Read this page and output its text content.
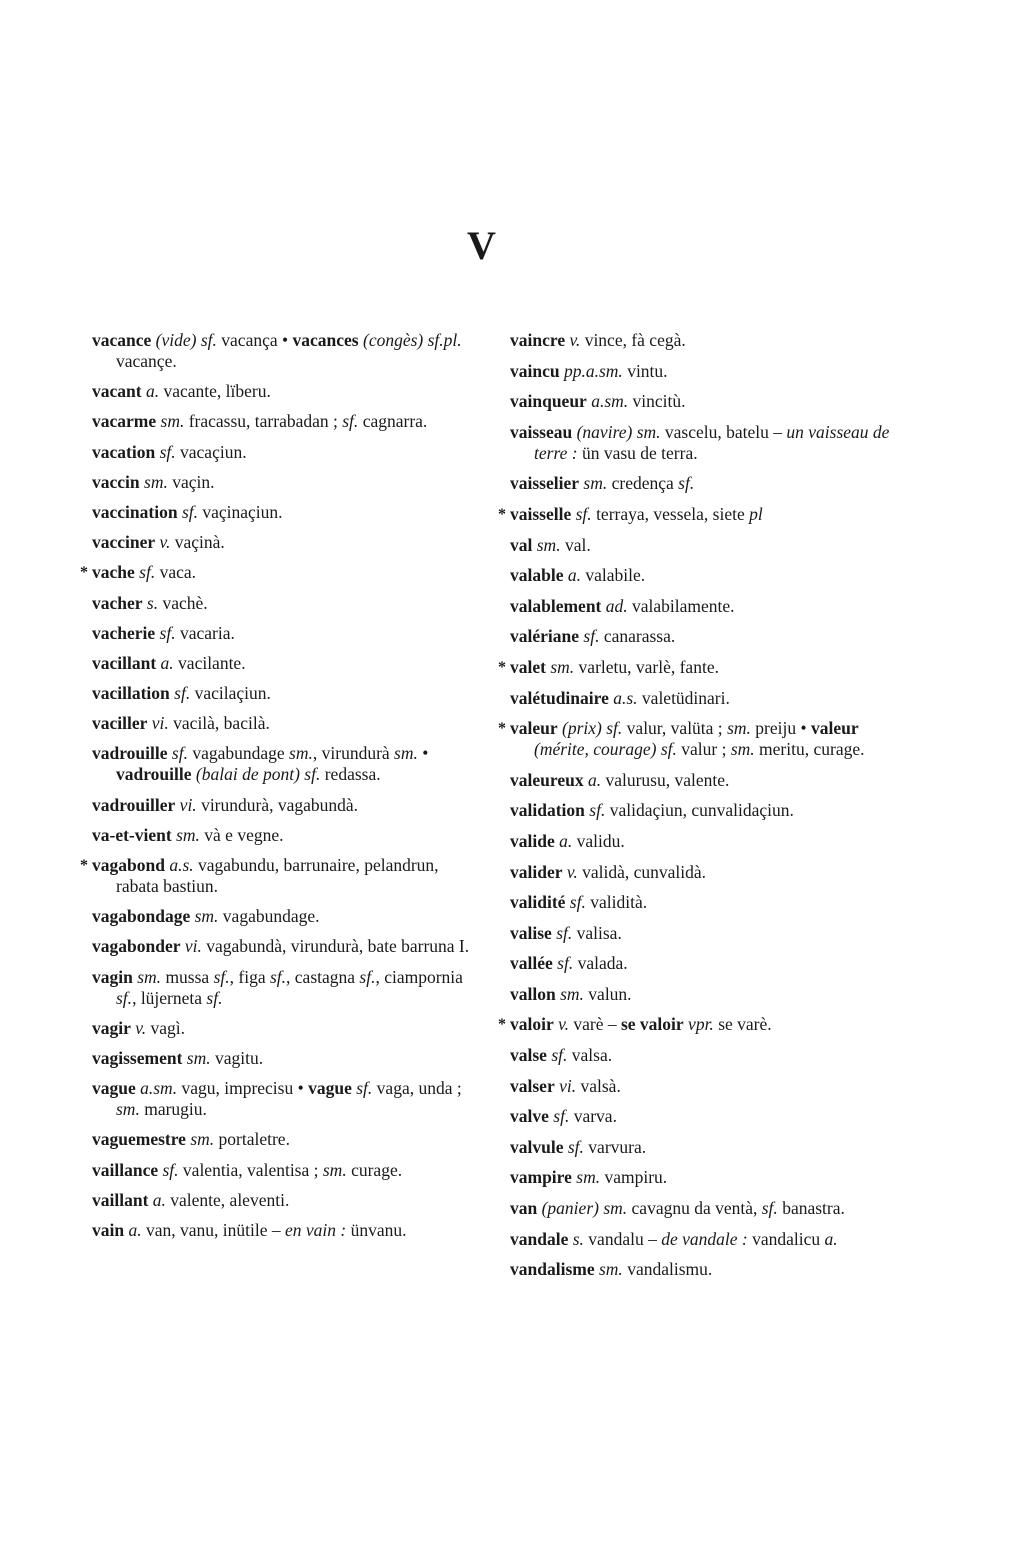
V
vacance (vide) sf. vacança • vacances (congès) sf.pl. vacançe.
vacant a. vacante, lïberu.
vacarme sm. fracassu, tarrabadan ; sf. cagnarra.
vacation sf. vacaçiun.
vaccin sm. vaçin.
vaccination sf. vaçinaçiun.
vacciner v. vaçinà.
* vache sf. vaca.
vacher s. vachè.
vacherie sf. vacaria.
vacillant a. vacilante.
vacillation sf. vacilaçiun.
vaciller vi. vacilà, bacilà.
vadrouille sf. vagabundage sm., virundurà sm. • vadrouille (balai de pont) sf. redassa.
vadrouiller vi. virundurà, vagabundà.
va-et-vient sm. và e vegne.
* vagabond a.s. vagabundu, barrunaire, pelandrun, rabata bastiun.
vagabondage sm. vagabundage.
vagabonder vi. vagabundà, virundurà, bate barruna I.
vagin sm. mussa sf., figa sf., castagna sf., ciampornia sf., lüjerneta sf.
vagir v. vagì.
vagissement sm. vagitu.
vague a.sm. vagu, imprecisu • vague sf. vaga, unda ; sm. marugiu.
vaguemestre sm. portaletre.
vaillance sf. valentia, valentisa ; sm. curage.
vaillant a. valente, aleventi.
vain a. van, vanu, inütile – en vain : ünvanu.
vaincre v. vince, fà cegà.
vaincu pp.a.sm. vintu.
vainqueur a.sm. vincitù.
vaisseau (navire) sm. vascelu, batelu – un vaisseau de terre : ün vasu de terra.
vaisselier sm. credença sf.
* vaisselle sf. terraya, vessela, siete pl
val sm. val.
valable a. valabile.
valablement ad. valabilamente.
valériane sf. canarassa.
* valet sm. varletu, varlè, fante.
valétudinaire a.s. valetüdinari.
* valeur (prix) sf. valur, valüta ; sm. preiju • valeur (mérite, courage) sf. valur ; sm. meritu, curage.
valeureux a. valurusu, valente.
validation sf. validaçiun, cunvalidaçiun.
valide a. validu.
valider v. validà, cunvalidà.
validité sf. validità.
valise sf. valisa.
vallée sf. valada.
vallon sm. valun.
* valoir v. varè – se valoir vpr. se varè.
valse sf. valsa.
valser vi. valsà.
valve sf. varva.
valvule sf. varvura.
vampire sm. vampiru.
van (panier) sm. cavagnu da ventà, sf. banastra.
vandale s. vandalu – de vandale : vandalicu a.
vandalisme sm. vandalismu.
